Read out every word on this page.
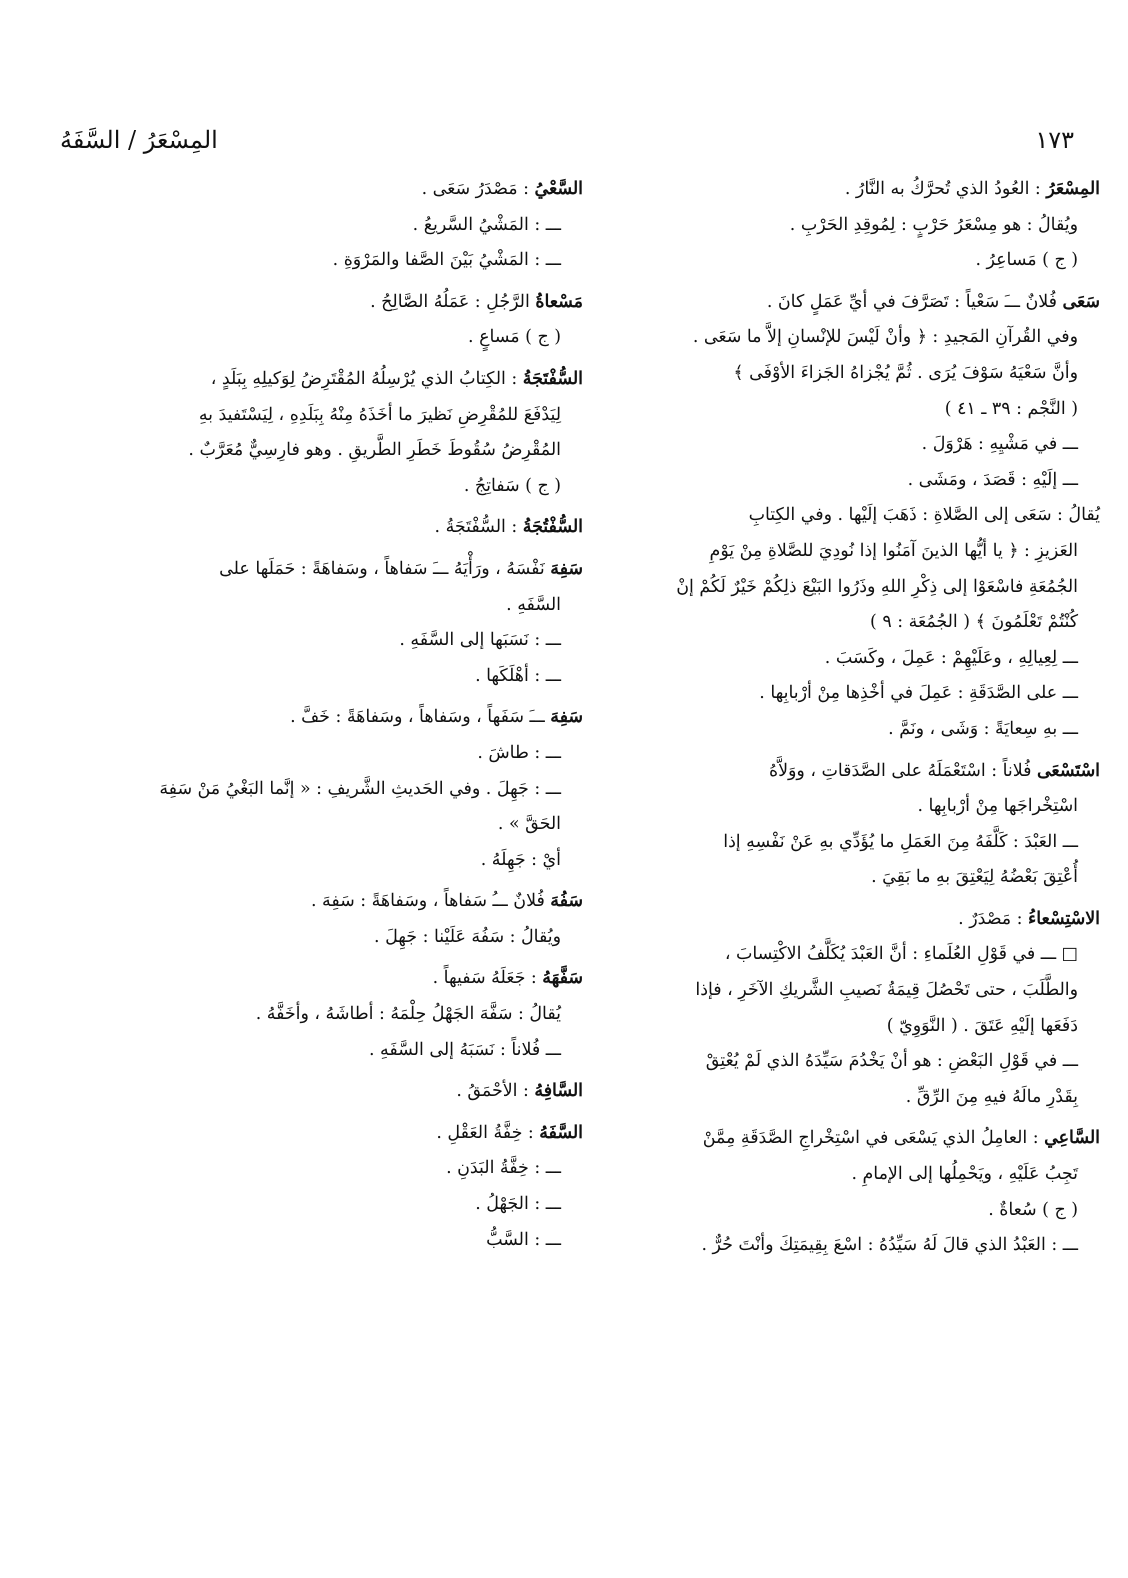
١٧٣
المِسْعَرُ / السَّفَهُ
المِسْعَرُ : العُودُ الذي تُحرَّكُ به النَّارُ .
ويُقالُ : هو مِسْعَرُ حَرْبٍ : لِمُوقِدِ الحَرْبِ .
( ج ) مَساعِرُ .
سَعَى فُلانٌ ـــَ سَعْياً : تَصَرَّفَ في أيِّ عَمَلٍ كانَ .
وفي القُرآنِ المَجيدِ : ﴿ وأنْ لَيْسَ للإنْسانِ إلاَّ ما سَعَى .
وأنَّ سَعْيَهُ سَوْفَ يُرَى . ثُمَّ يُجْزاهُ الجَزاءَ الأوْفَى ﴾
( النَّجْم : ٣٩ ـ ٤١ )
ـــ في مَشْيِهِ : هَرْوَلَ .
ـــ إلَيْهِ : قَصَدَ ، ومَشَى .
يُقالُ : سَعَى إلى الصَّلاةِ : ذَهَبَ إلَيْها . وفي الكِتابِ
العَزيزِ : ﴿ يا أيُّها الذينَ آمَنُوا إذا نُودِيَ للصَّلاةِ مِنْ يَوْمِ
الجُمُعَةِ فاسْعَوْا إلى ذِكْرِ اللهِ وذَرُوا البَيْعَ ذلِكُمْ خَيْرٌ لَكُمْ إنْ
كُنْتُمْ تَعْلَمُونَ ﴾ ( الجُمُعَة : ٩ )
ـــ لِعِيالِهِ ، وعَلَيْهِمْ : عَمِلَ ، وكَسَبَ .
ـــ على الصَّدَقَةِ : عَمِلَ في أخْذِها مِنْ أرْبابِها .
ـــ بهِ سِعايَةً : وَشَى ، ونَمَّ .
اسْتَسْعَى فُلاناً : اسْتَعْمَلَهُ على الصَّدَقاتِ ، ووَلاَّهُ
اسْتِخْراجَها مِنْ أرْبابِها .
ـــ العَبْدَ : كَلَّفَهُ مِنَ العَمَلِ ما يُؤَدِّي بهِ عَنْ نَفْسِهِ إذا
أُعْتِقَ بَعْضُهُ لِيَعْتِقَ بهِ ما بَقِيَ .
الاسْتِسْعاءُ : مَصْدَرٌ .
□ ـــ في قَوْلِ العُلَماءِ : أنَّ العَبْدَ يُكَلَّفُ الاكْتِسابَ ،
والطَّلَبَ ، حتى تَحْصُلَ قِيمَةُ نَصيبِ الشَّريكِ الآخَرِ ، فإذا
دَفَعَها إلَيْهِ عَتَقَ . ( النَّوَوِيّ )
ـــ في قَوْلِ البَعْضِ : هو أنْ يَخْدُمَ سَيِّدَهُ الذي لَمْ يُعْتِقْ
بِقَدْرِ مالَهُ فيهِ مِنَ الرِّقِّ .
السَّاعِي : العامِلُ الذي يَسْعَى في اسْتِخْراجِ الصَّدَقَةِ مِمَّنْ
تَجِبُ عَلَيْهِ ، ويَحْمِلُها إلى الإمامِ .
( ج ) سُعاةٌ .
ـــ : العَبْدُ الذي قالَ لَهُ سَيِّدُهُ : اسْعَ بِقِيمَتِكَ وأنْتَ حُرٌّ .
السَّعْيُ : مَصْدَرُ سَعَى .
ـــ : المَشْيُ السَّريعُ .
ـــ : المَشْيُ بَيْنَ الصَّفا والمَرْوَةِ .
مَسْعاةُ الرَّجُلِ : عَمَلُهُ الصَّالِحُ .
( ج ) مَساعٍ .
السُّفْتَجَةُ : الكِتابُ الذي يُرْسِلُهُ المُقْتَرِضُ لِوَكيلِهِ بِبَلَدٍ ،
لِيَدْفَعَ للمُقْرِضِ نَظيرَ ما أخَذَهُ مِنْهُ بِبَلَدِهِ ، لِيَسْتَفيدَ بهِ
المُقْرِضُ سُقُوطَ خَطَرِ الطَّريقِ . وهو فارِسِيٌّ مُعَرَّبٌ .
( ج ) سَفاتِجُ .
السُّفْتُجَةُ : السُّفْتَجَةُ .
سَفِهَ نَفْسَهُ ، ورَأْيَهُ ـــَ سَفاهاً ، وسَفاهَةً : حَمَلَها على
السَّفَهِ .
ـــ : نَسَبَها إلى السَّفَهِ .
ـــ : أهْلَكَها .
سَفِهَ ـــَ سَفَهاً ، وسَفاهاً ، وسَفاهَةً : خَفَّ .
ـــ : طاشَ .
ـــ : جَهِلَ . وفي الحَديثِ الشَّريفِ : « إنَّما البَغْيُ مَنْ سَفِهَ
الحَقَّ » .
أيْ : جَهِلَهُ .
سَفُهَ فُلانٌ ـــُ سَفاهاً ، وسَفاهَةً : سَفِهَ .
ويُقالُ : سَفُهَ عَلَيْنا : جَهِلَ .
سَفَّهَهُ : جَعَلَهُ سَفيهاً .
يُقالُ : سَفَّهَ الجَهْلُ حِلْمَهُ : أطاشَهُ ، وأخَفَّهُ .
ـــ فُلاناً : نَسَبَهُ إلى السَّفَهِ .
السَّافِهُ : الأحْمَقُ .
السَّفَهُ : خِفَّةُ العَقْلِ .
ـــ : خِفَّةُ البَدَنِ .
ـــ : الجَهْلُ .
ـــ : السَّبُّ
